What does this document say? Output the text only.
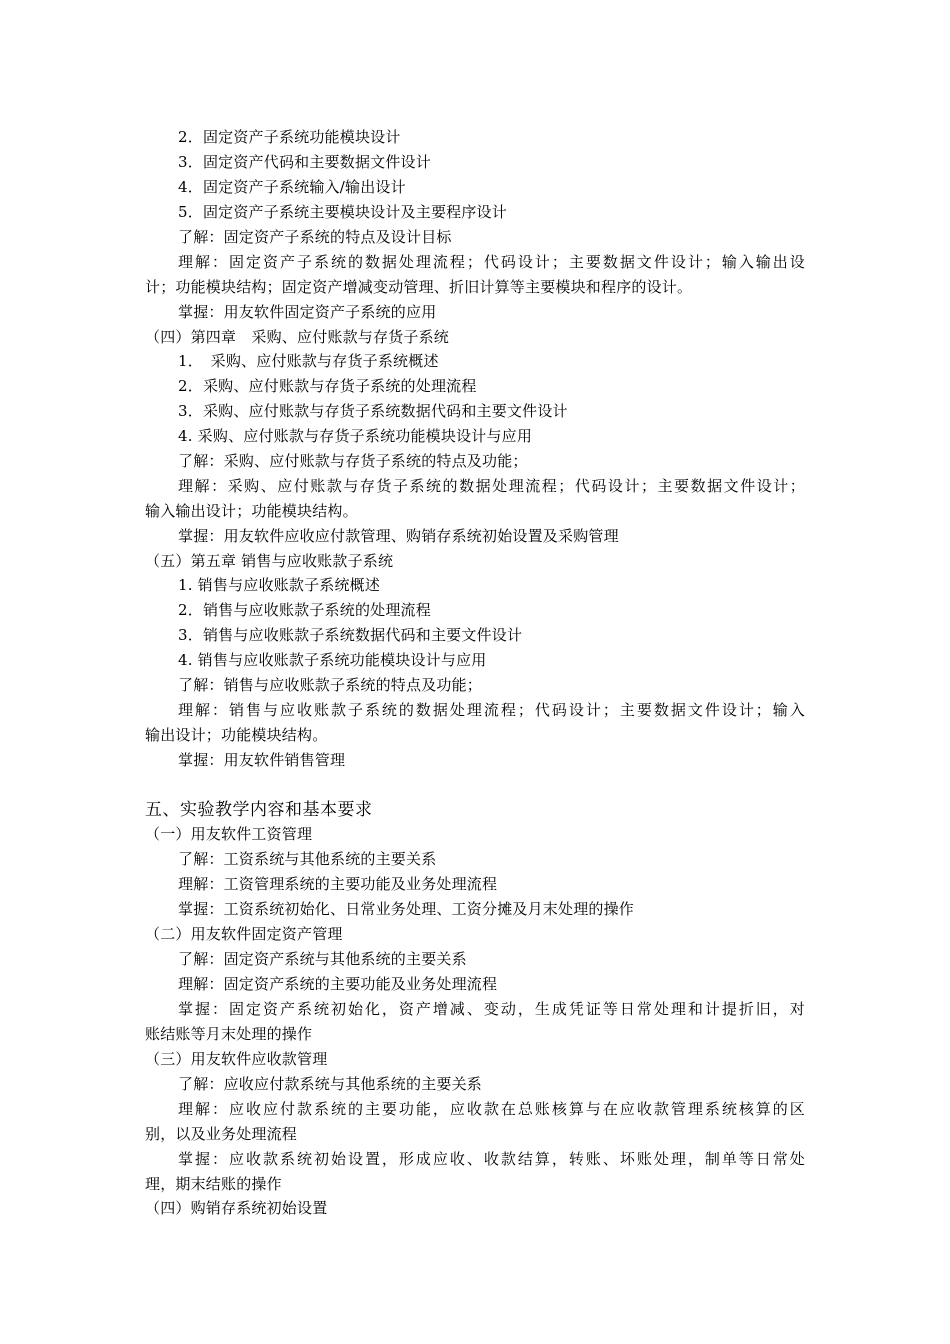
2．固定资产子系统功能模块设计
3．固定资产代码和主要数据文件设计
4．固定资产子系统输入/输出设计
5．固定资产子系统主要模块设计及主要程序设计
了解：固定资产子系统的特点及设计目标
理解：固定资产子系统的数据处理流程；代码设计；主要数据文件设计；输入输出设
计；功能模块结构；固定资产增减变动管理、折旧计算等主要模块和程序的设计。
掌握：用友软件固定资产子系统的应用
（四）第四章　采购、应付账款与存货子系统
1．　采购、应付账款与存货子系统概述
2．采购、应付账款与存货子系统的处理流程
3．采购、应付账款与存货子系统数据代码和主要文件设计
4. 采购、应付账款与存货子系统功能模块设计与应用
了解：采购、应付账款与存货子系统的特点及功能；
理解：采购、应付账款与存货子系统的数据处理流程；代码设计；主要数据文件设计；
输入输出设计；功能模块结构。
掌握：用友软件应收应付款管理、购销存系统初始设置及采购管理
（五）第五章 销售与应收账款子系统
1. 销售与应收账款子系统概述
2．销售与应收账款子系统的处理流程
3．销售与应收账款子系统数据代码和主要文件设计
4. 销售与应收账款子系统功能模块设计与应用
了解：销售与应收账款子系统的特点及功能；
理解：销售与应收账款子系统的数据处理流程；代码设计；主要数据文件设计；输入
输出设计；功能模块结构。
掌握：用友软件销售管理
五、实验教学内容和基本要求
（一）用友软件工资管理
了解：工资系统与其他系统的主要关系
理解：工资管理系统的主要功能及业务处理流程
掌握：工资系统初始化、日常业务处理、工资分摊及月末处理的操作
（二）用友软件固定资产管理
了解：固定资产系统与其他系统的主要关系
理解：固定资产系统的主要功能及业务处理流程
掌握：固定资产系统初始化，资产增减、变动，生成凭证等日常处理和计提折旧，对
账结账等月末处理的操作
（三）用友软件应收款管理
了解：应收应付款系统与其他系统的主要关系
理解：应收应付款系统的主要功能，应收款在总账核算与在应收款管理系统核算的区
别，以及业务处理流程
掌握：应收款系统初始设置，形成应收、收款结算，转账、坏账处理，制单等日常处
理，期末结账的操作
（四）购销存系统初始设置
